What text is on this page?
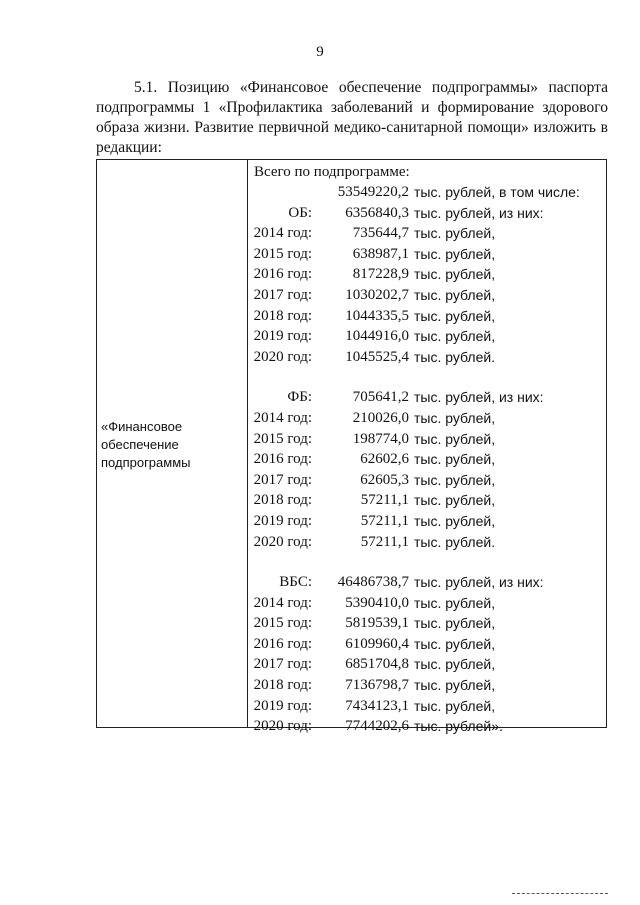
9

5.1. Позицию «Финансовое обеспечение подпрограммы» паспорта подпрограммы 1 «Профилактика заболеваний и формирование здорового образа жизни. Развитие первичной медико-санитарной помощи» изложить в редакции:

«Финансовое обеспечение подпрограммы
Всего по подпрограмме:
53549220,2 тыс. рублей, в том числе:
ОБ: 6356840,3 тыс. рублей, из них:
2014 год:	735644,7 тыс. рублей,
2015 год:	638987,1 тыс. рублей,
2016 год:	817228,9 тыс. рублей,
2017 год: 1030202,7 тыс. рублей,
2018 год: 1044335,5 тыс. рублей,
2019 год: 1044916,0 тыс. рублей,
2020 год: 1045525,4 тыс. рублей.
ФБ:	705641,2 тыс. рублей, из них:
2014 год:	210026,0 тыс. рублей,
2015 год:	198774,0 тыс. рублей,
2016 год:	62602,6 тыс. рублей,
2017 год:	62605,3 тыс. рублей,
2018 год:	57211,1 тыс. рублей,
2019 год:	57211,1 тыс. рублей,
2020 год:	57211,1 тыс. рублей.
ВБС: 46486738,7 тыс. рублей, из них:
2014 год: 5390410,0 тыс. рублей,
2015 год: 5819539,1 тыс. рублей,
2016 год: 6109960,4 тыс. рублей,
2017 год: 6851704,8 тыс. рублей,
2018 год: 7136798,7 тыс. рублей,
2019 год: 7434123,1 тыс. рублей,
2020 год: 7744202,6 тыс. рублей».
